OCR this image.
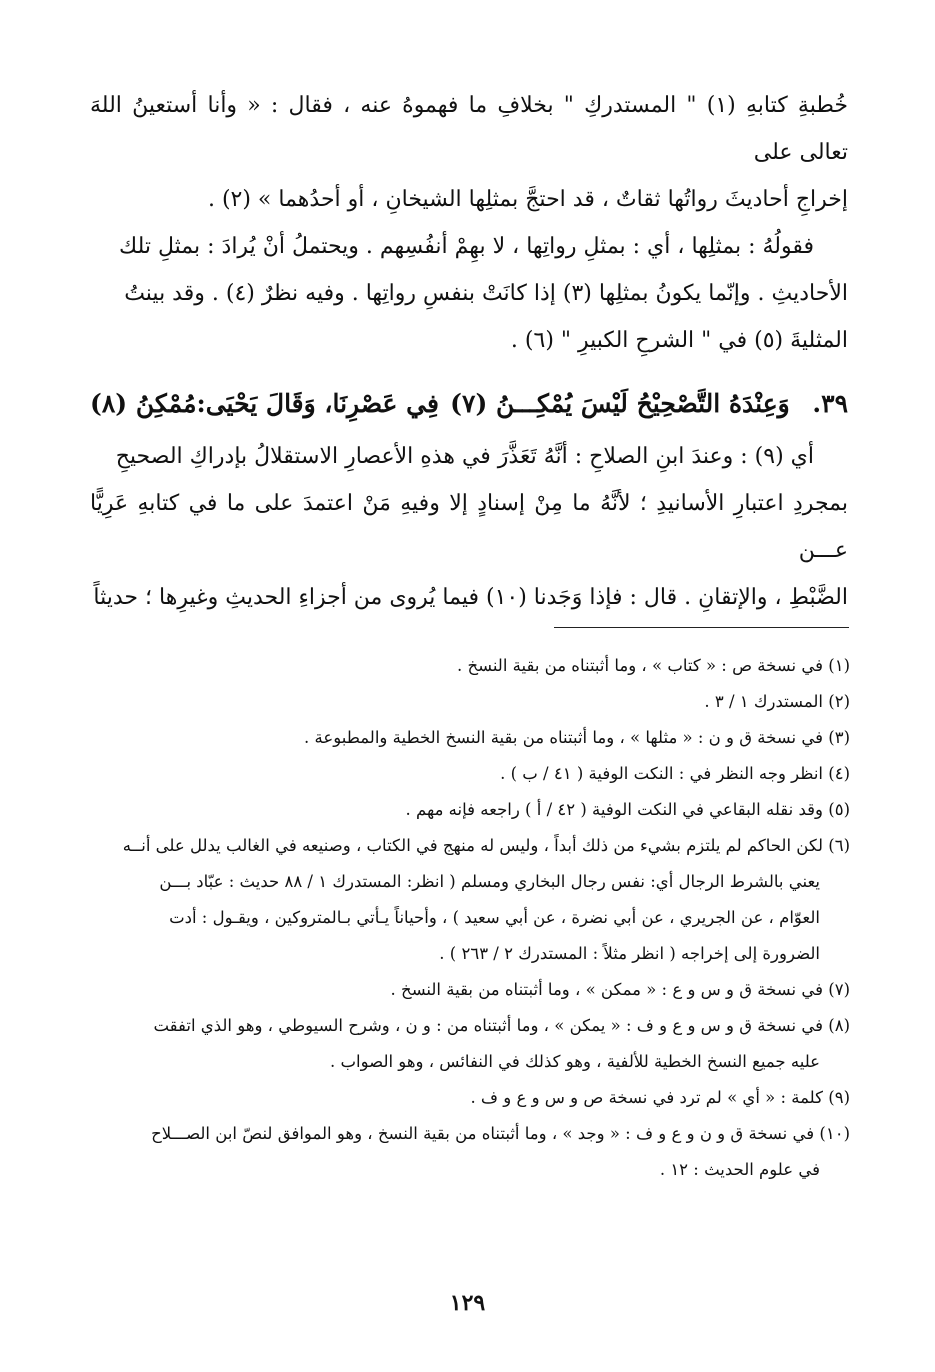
خُطبةِ كتابهِ (١) " المستدركِ " بخلافِ ما فهموهُ عنه ، فقال : « وأنا أستعينُ اللهَ تعالى على
إخراجِ أحاديثَ رواتُها ثقاتٌ ، قد احتجَّ بمثلِها الشيخانِ ، أو أحدُهما » (٢) .

فقولُهُ : بمثلِها ، أي : بمثلِ رواتِها ، لا بهِمْ أنفُسِهم . ويحتملُ أنْ يُرادَ : بمثلِ تلك
الأحاديثِ . وإنّما يكونُ بمثلِها (٣) إذا كانَتْ بنفسِ رواتِها . وفيه نظرٌ (٤) . وقد بينتُ
المثليةَ (٥) في " الشرحِ الكبيرِ " (٦) .

٣٩. وَعِنْدَهُ التَّصْحِيْحُ لَيْسَ يُمْكِـــنُ (٧)
فِي عَصْرِنَا، وَقَالَ يَحْيَى:مُمْكِنُ (٨)

أي (٩) : وعندَ ابنِ الصلاحِ : أنَّهُ تَعَذَّرَ في هذهِ الأعصارِ الاستقلالُ بإدراكِ الصحيحِ
بمجردِ اعتبارِ الأسانيدِ ؛ لأنَّهُ ما مِنْ إسنادٍ إلا وفيهِ مَنْ اعتمدَ على ما في كتابهِ عَرِيًّا عـــن
الضَّبْطِ ، والإتقانِ . قال : فإذا وَجَدنا (١٠) فيما يُروى من أجزاءِ الحديثِ وغيرِها ؛ حديثاً

(١) في نسخة ص : « كتاب » ، وما أثبتناه من بقية النسخ .

(٢) المستدرك ١ / ٣ .

(٣) في نسخة ق و ن : « مثلها » ، وما أثبتناه من بقية النسخ الخطية والمطبوعة .

(٤) انظر وجه النظر في : النكت الوفية ( ٤١ / ب ) .

(٥) وقد نقله البقاعي في النكت الوفية ( ٤٢ / أ ) راجعه فإنه مهم .

(٦) لكن الحاكم لم يلتزم بشيء من ذلك أبداً ، وليس له منهج في الكتاب ، وصنيعه في الغالب يدلل على أنــه
يعني بالشرط الرجال أي: نفس رجال البخاري ومسلم ( انظر: المستدرك ١ / ٨٨ حديث : عبّاد بـــن
العوّام ، عن الجريري ، عن أبي نضرة ، عن أبي سعيد ) ، وأحياناً يـأتي بـالمتروكين ، ويقـول : أدت
الضرورة إلى إخراجه ( انظر مثلاً : المستدرك ٢ / ٢٦٣ ) .

(٧) في نسخة ق و س و ع : « ممكن » ، وما أثبتناه من بقية النسخ .

(٨) في نسخة ق و س و ع و ف : « يمكن » ، وما أثبتناه من : و ن ، وشرح السيوطي ، وهو الذي اتفقت
عليه جميع النسخ الخطية للألفية ، وهو كذلك في النفائس ، وهو الصواب .

(٩) كلمة : « أي » لم ترد في نسخة ص و س و ع و ف .

(١٠) في نسخة ق و ن و ع و ف : « وجد » ، وما أثبتناه من بقية النسخ ، وهو الموافق لنصّ ابن الصـــلاح
في علوم الحديث : ١٢ .

١٢٩
